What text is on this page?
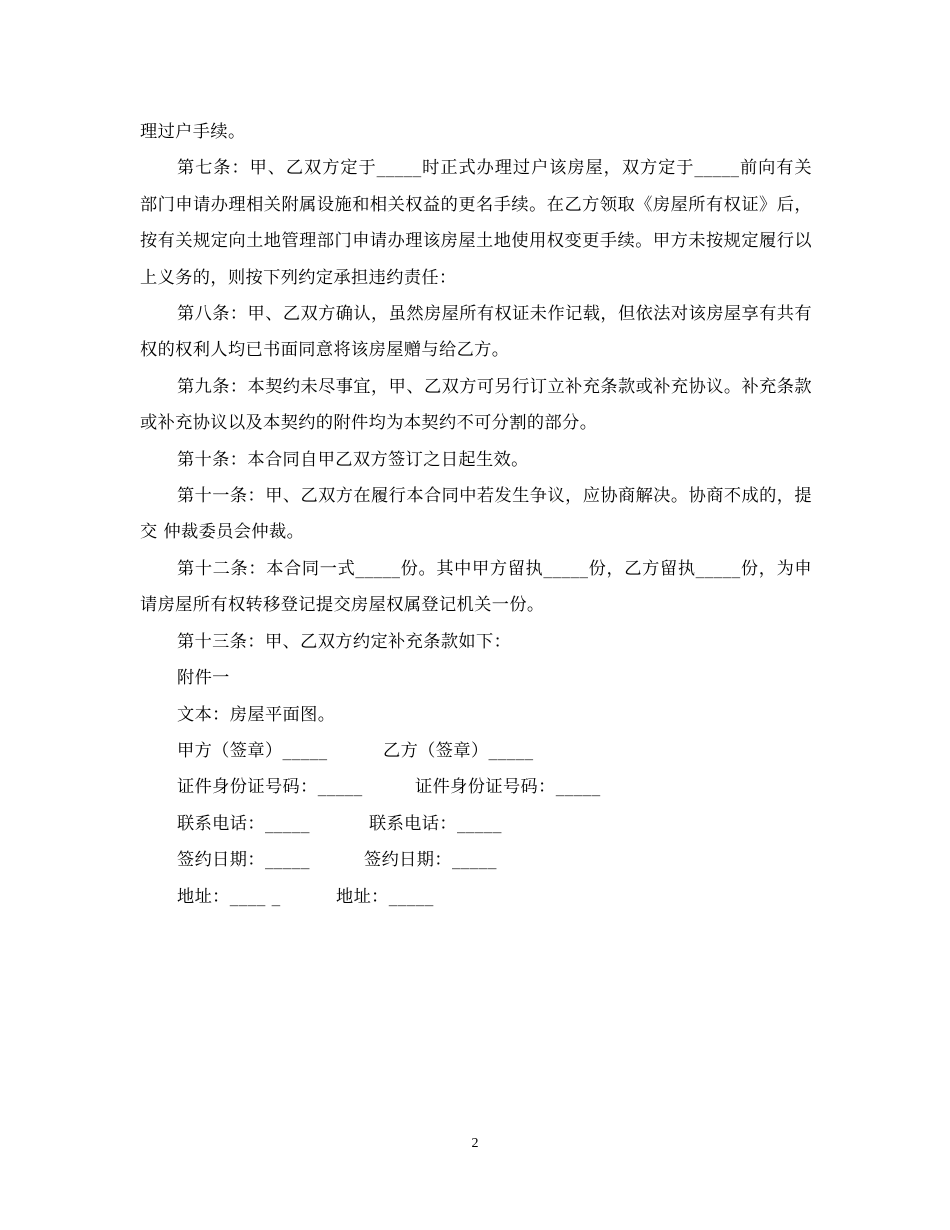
理过户手续。

第七条：甲、乙双方定于_____时正式办理过户该房屋，双方定于_____前向有关部门申请办理相关附属设施和相关权益的更名手续。在乙方领取《房屋所有权证》后，按有关规定向土地管理部门申请办理该房屋土地使用权变更手续。甲方未按规定履行以上义务的，则按下列约定承担违约责任：

第八条：甲、乙双方确认，虽然房屋所有权证未作记载，但依法对该房屋享有共有权的权利人均已书面同意将该房屋赠与给乙方。

第九条：本契约未尽事宜，甲、乙双方可另行订立补充条款或补充协议。补充条款或补充协议以及本契约的附件均为本契约不可分割的部分。

第十条：本合同自甲乙双方签订之日起生效。

第十一条：甲、乙双方在履行本合同中若发生争议，应协商解决。协商不成的，提交 仲裁委员会仲裁。

第十二条：本合同一式_____份。其中甲方留执_____份，乙方留执_____份，为申请房屋所有权转移登记提交房屋权属登记机关一份。

第十三条：甲、乙双方约定补充条款如下：

附件一

文本：房屋平面图。

甲方（签章）_____	乙方（签章）_____
证件身份证号码：_____	证件身份证号码：_____
联系电话：_____	联系电话：_____
签约日期：_____	签约日期：_____
地址：____ _	地址：_____
2
